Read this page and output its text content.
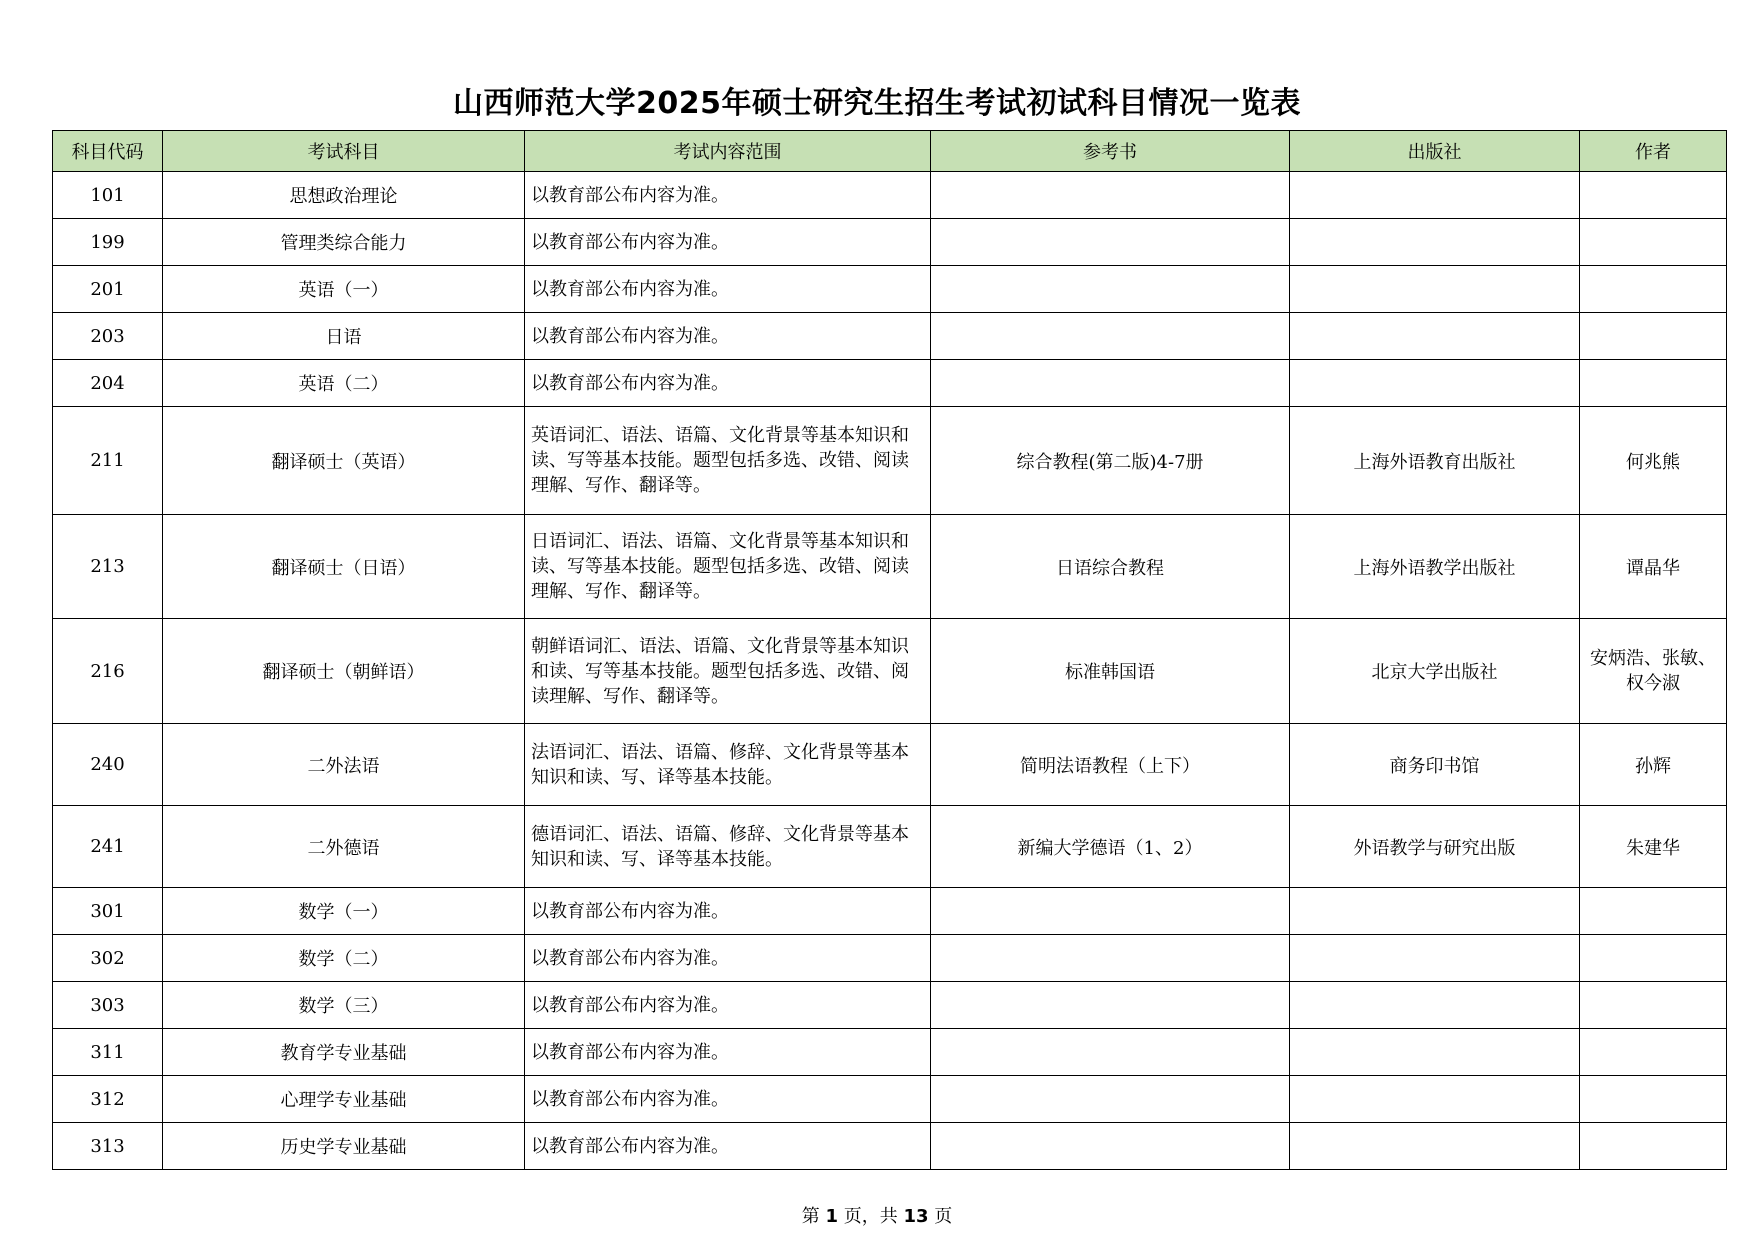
山西师范大学2025年硕士研究生招生考试初试科目情况一览表
科目代码	考试科目	考试内容范围	参考书	出版社	作者
101	思想政治理论	以教育部公布内容为准。			
199	管理类综合能力	以教育部公布内容为准。			
201	英语（一）	以教育部公布内容为准。			
203	日语	以教育部公布内容为准。			
204	英语（二）	以教育部公布内容为准。			
211	翻译硕士（英语）	英语词汇、语法、语篇、文化背景等基本知识和读、写等基本技能。题型包括多选、改错、阅读理解、写作、翻译等。	综合教程(第二版)4-7册	上海外语教育出版社	何兆熊
213	翻译硕士（日语）	日语词汇、语法、语篇、文化背景等基本知识和读、写等基本技能。题型包括多选、改错、阅读理解、写作、翻译等。	日语综合教程	上海外语教学出版社	谭晶华
216	翻译硕士（朝鲜语）	朝鲜语词汇、语法、语篇、文化背景等基本知识和读、写等基本技能。题型包括多选、改错、阅读理解、写作、翻译等。	标准韩国语	北京大学出版社	安炳浩、张敏、权今淑
240	二外法语	法语词汇、语法、语篇、修辞、文化背景等基本知识和读、写、译等基本技能。	简明法语教程（上下）	商务印书馆	孙辉
241	二外德语	德语词汇、语法、语篇、修辞、文化背景等基本知识和读、写、译等基本技能。	新编大学德语（1、2）	外语教学与研究出版	朱建华
301	数学（一）	以教育部公布内容为准。			
302	数学（二）	以教育部公布内容为准。			
303	数学（三）	以教育部公布内容为准。			
311	教育学专业基础	以教育部公布内容为准。			
312	心理学专业基础	以教育部公布内容为准。			
313	历史学专业基础	以教育部公布内容为准。			
第 1 页，共 13 页
